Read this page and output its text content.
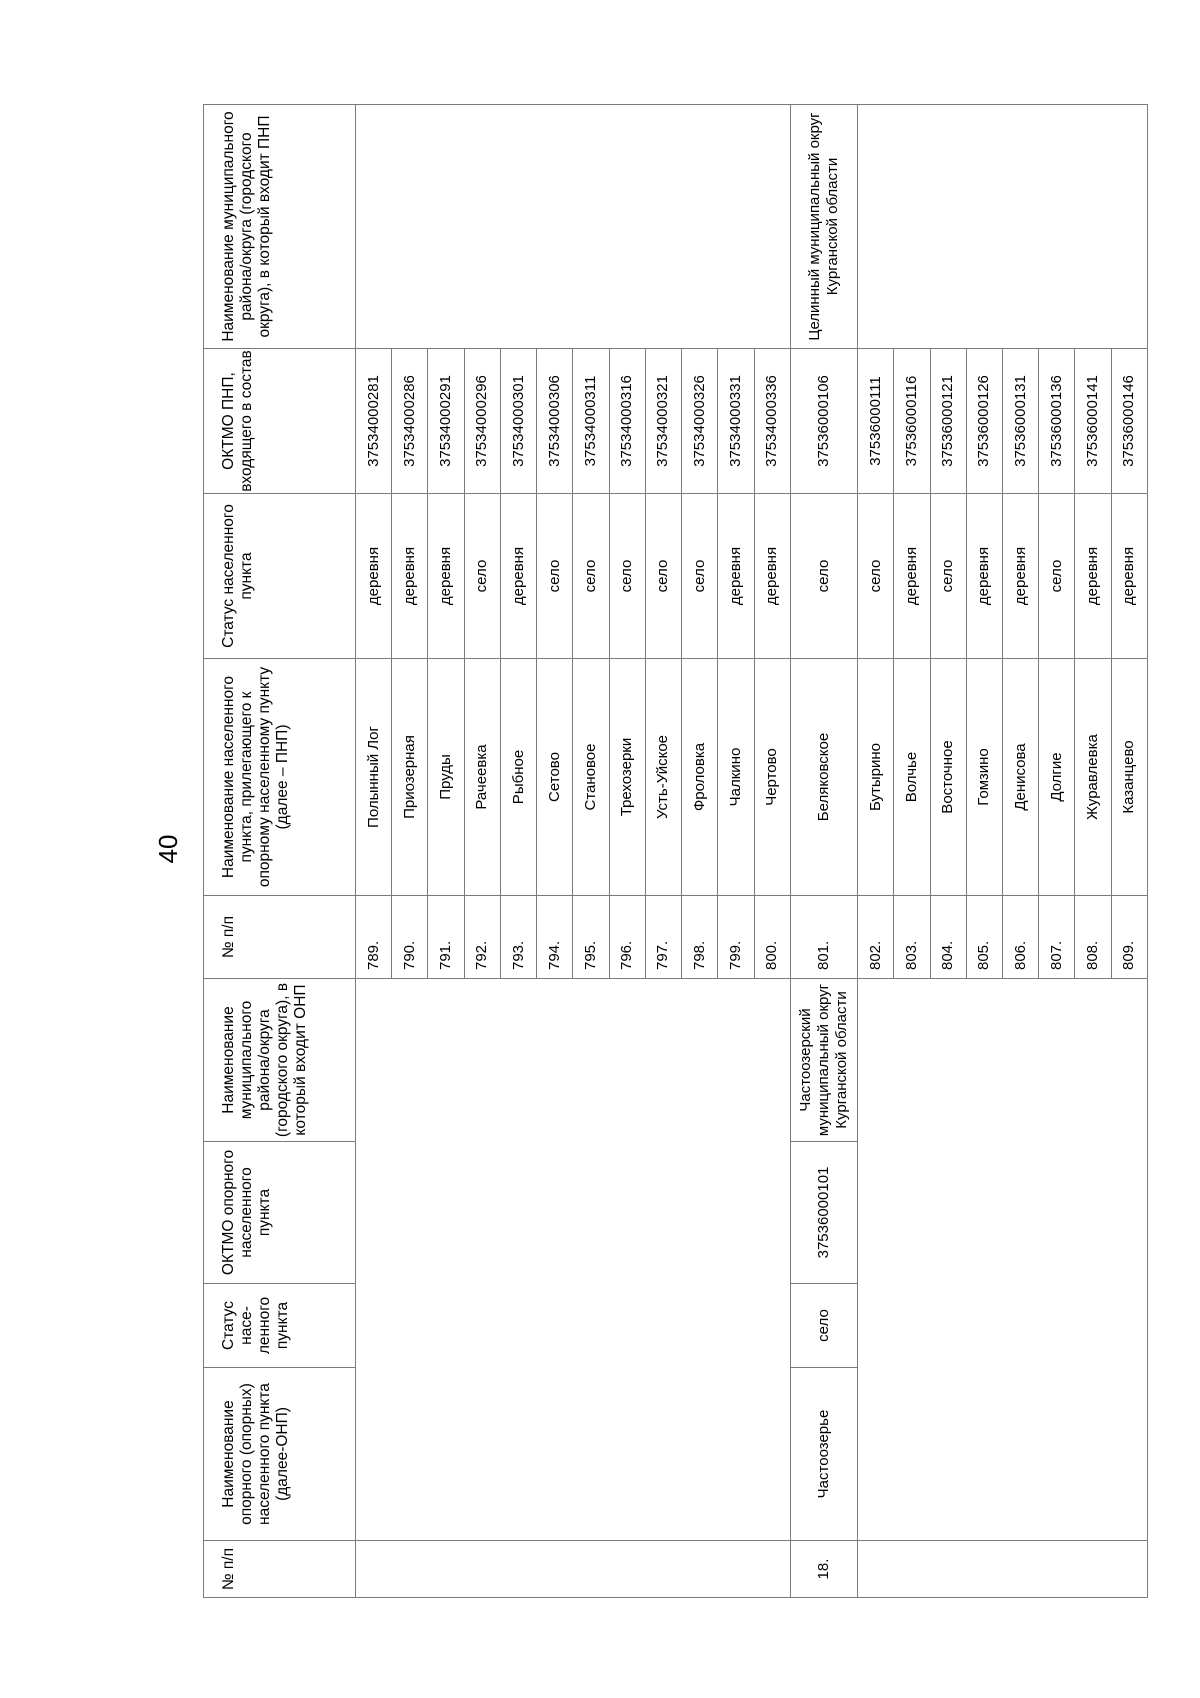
40
№ п/п	Наименование опорного (опорных) населенного пункта (далее-ОНП)	Статус насе-ленного пункта	ОКТМО опорного населенного пункта	Наименование муниципального района/округа (городского округа), в который входит ОНП	№ п/п	Наименование населенного пункта, прилегающего к опорному населенному пункту (далее – ПНП)	Статус населенного пункта	ОКТМО ПНП, входящего в состав	Наименование муниципального района/округа (городского округа), в который входит ПНП
					789.	Полынный Лог	деревня	37534000281	
					790.	Приозерная	деревня	37534000286	
					791.	Пруды	деревня	37534000291	
					792.	Рачеевка	село	37534000296	
					793.	Рыбное	деревня	37534000301	
					794.	Сетово	село	37534000306	
					795.	Становое	село	37534000311	
					796.	Трехозерки	село	37534000316	
					797.	Усть-Уйское	село	37534000321	
					798.	Фроловка	село	37534000326	
					799.	Чалкино	деревня	37534000331	
					800.	Чертово	деревня	37534000336	
18.	Частоозерье	село	37536000101	Частоозерский муниципальный округ Курганской области	801.	Беляковское	село	37536000106	Целинный муниципальный округ Курганской области
					802.	Бутырино	село	37536000111	
					803.	Волчье	деревня	37536000116	
					804.	Восточное	село	37536000121	
					805.	Гомзино	деревня	37536000126	
					806.	Денисова	деревня	37536000131	
					807.	Долгие	село	37536000136	
					808.	Журавлевка	деревня	37536000141	
					809.	Казанцево	деревня	37536000146	
